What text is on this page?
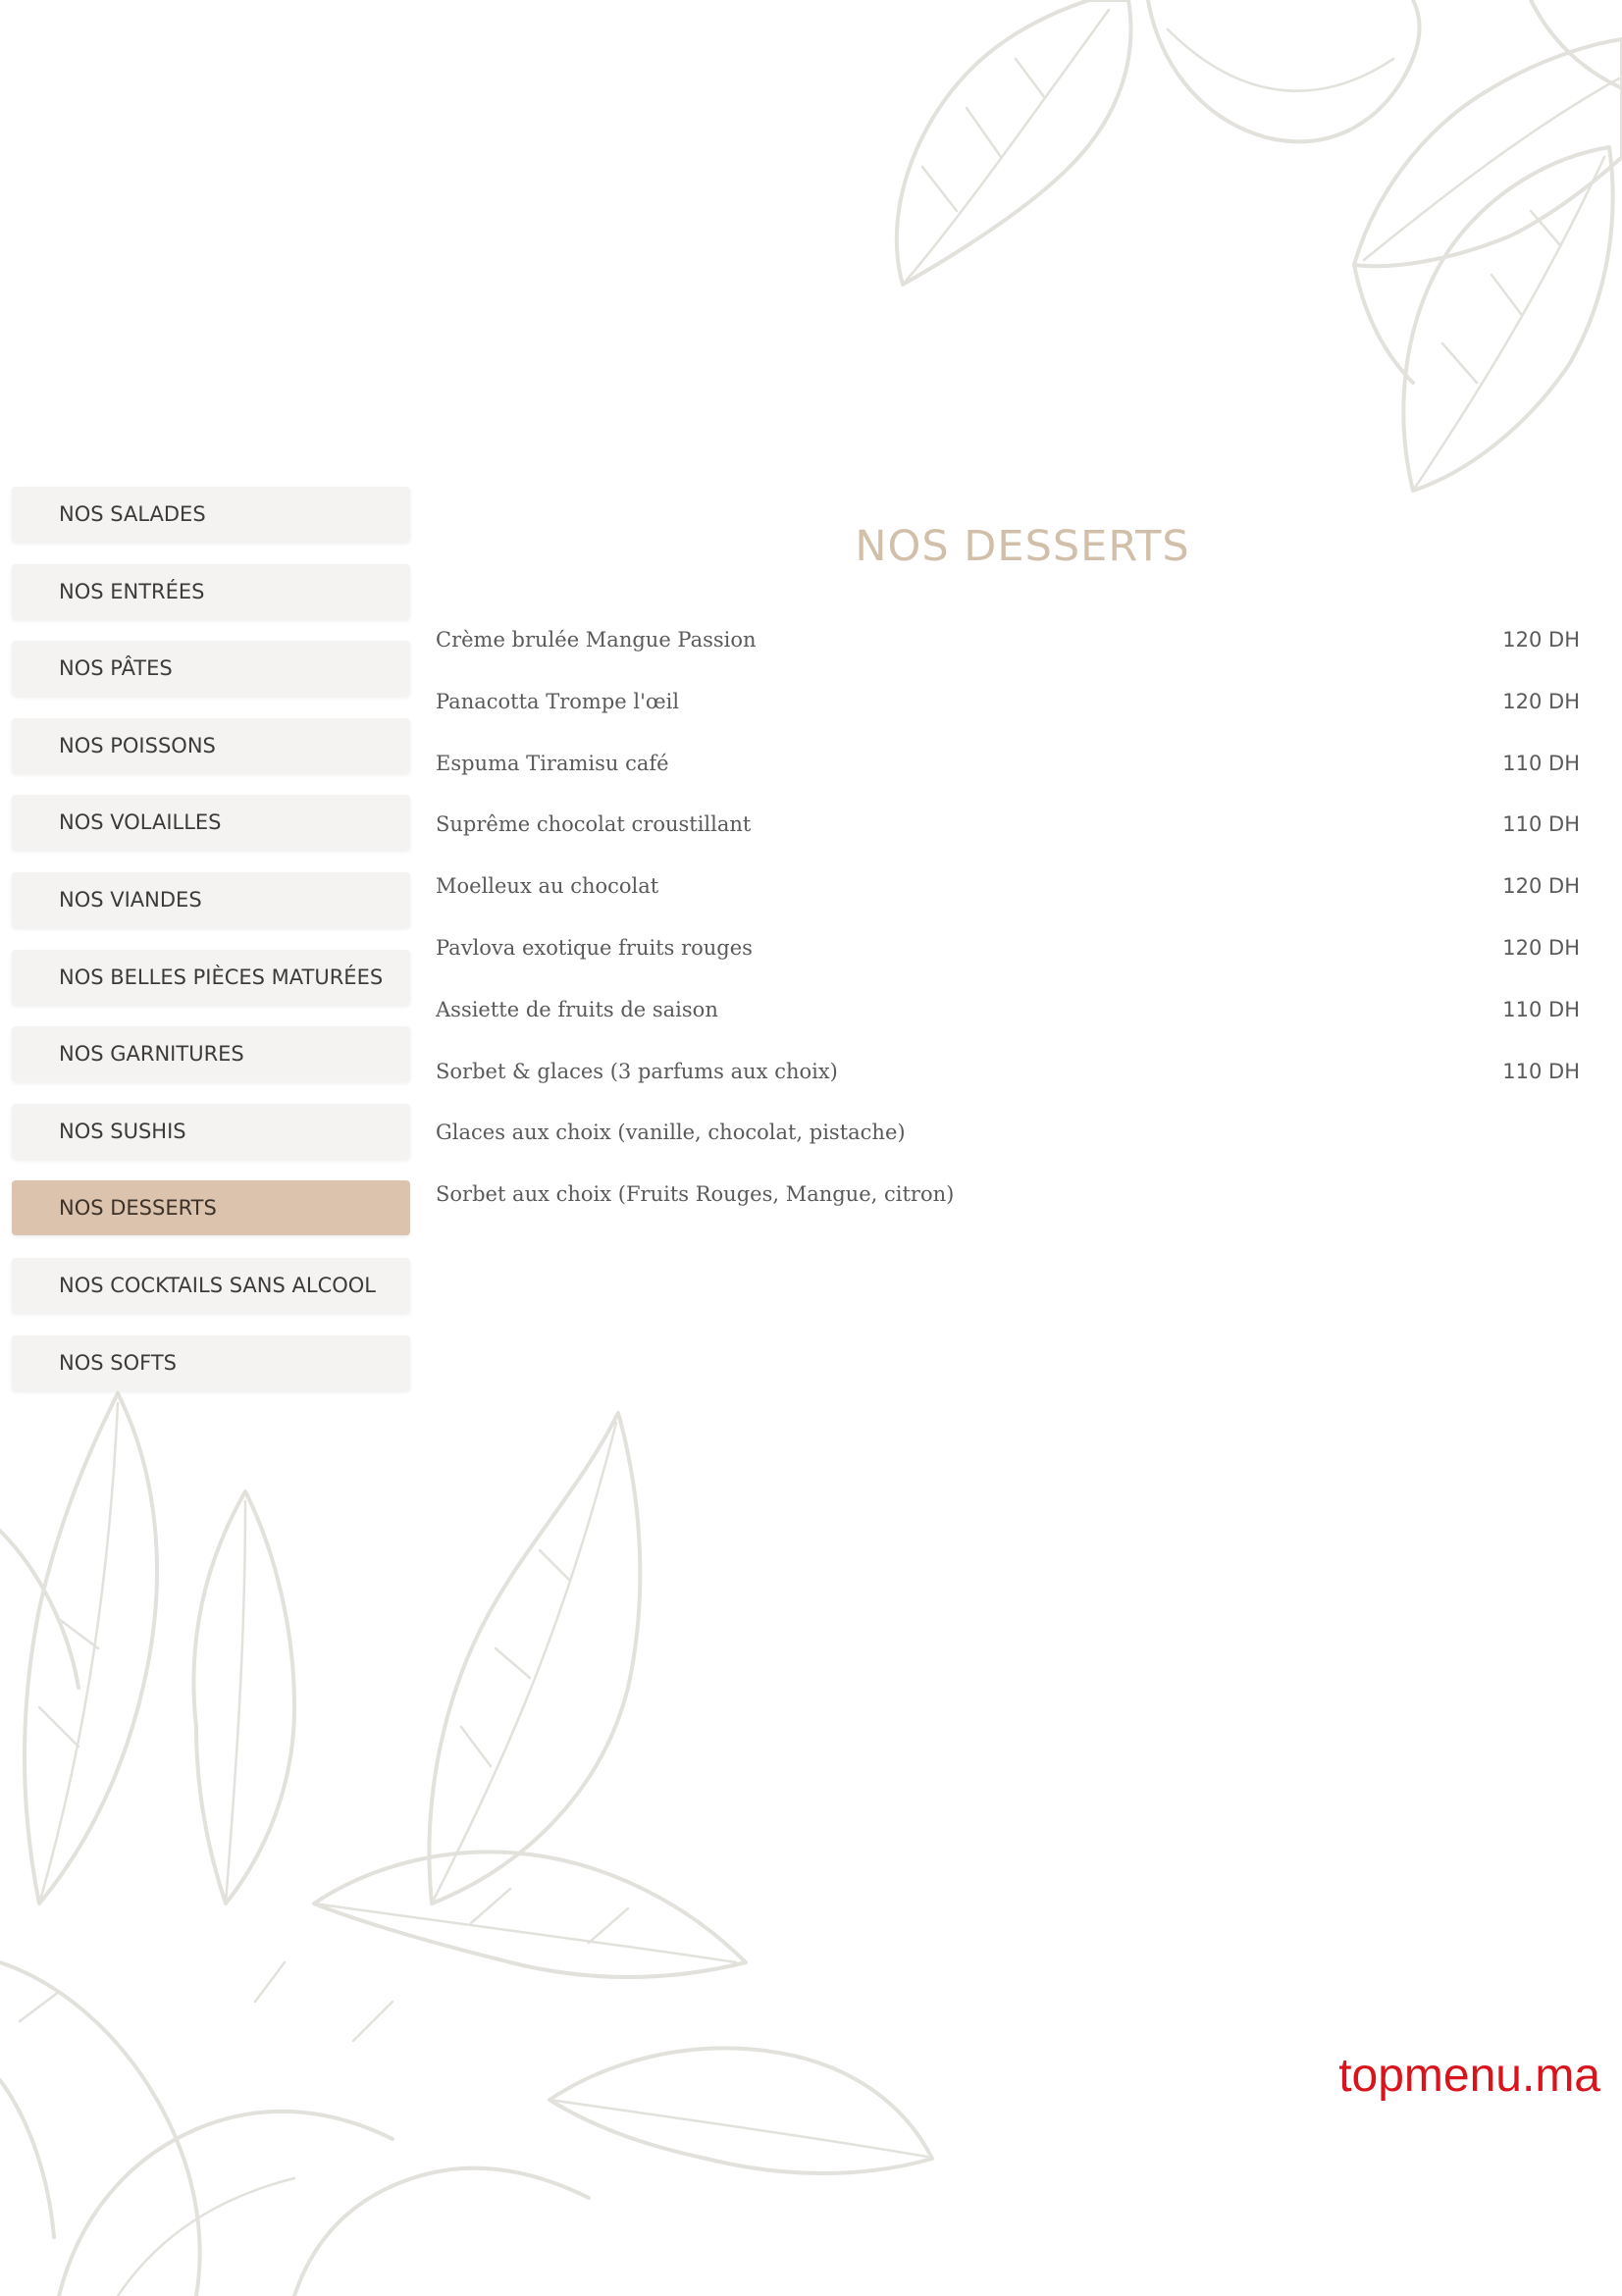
NOS SALADES
NOS ENTRÉES
NOS PÂTES
NOS POISSONS
NOS VOLAILLES
NOS VIANDES
NOS BELLES PIÈCES MATURÉES
NOS GARNITURES
NOS SUSHIS
NOS DESSERTS
NOS COCKTAILS SANS ALCOOL
NOS SOFTS
NOS DESSERTS
Crème brulée Mangue Passion	120 DH
Panacotta Trompe l'œil	120 DH
Espuma Tiramisu café	110 DH
Suprême chocolat croustillant	110 DH
Moelleux au chocolat	120 DH
Pavlova exotique fruits rouges	120 DH
Assiette de fruits de saison	110 DH
Sorbet & glaces (3 parfums aux choix)	110 DH
Glaces aux choix (vanille, chocolat, pistache)
Sorbet aux choix (Fruits Rouges, Mangue, citron)
topmenu.ma
